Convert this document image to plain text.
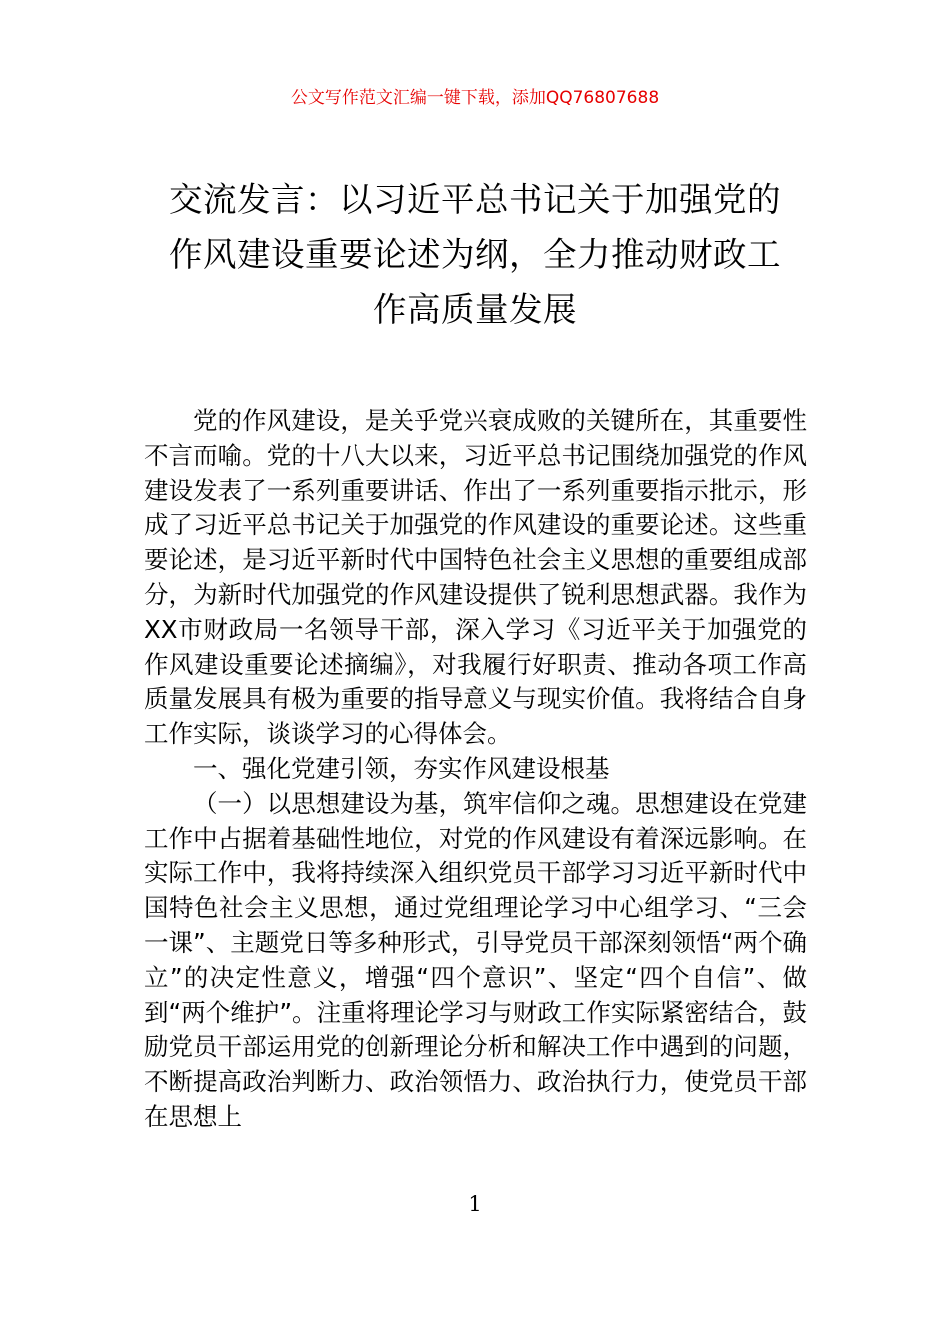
公文写作范文汇编一键下载，添加QQ76807688
交流发言：以习近平总书记关于加强党的
作风建设重要论述为纲，全力推动财政工
作高质量发展

党的作风建设，是关乎党兴衰成败的关键所在，其重要性不言而喻。党的十八大以来，习近平总书记围绕加强党的作风建设发表了一系列重要讲话、作出了一系列重要指示批示，形成了习近平总书记关于加强党的作风建设的重要论述。这些重要论述，是习近平新时代中国特色社会主义思想的重要组成部分，为新时代加强党的作风建设提供了锐利思想武器。我作为XX市财政局一名领导干部，深入学习《习近平关于加强党的作风建设重要论述摘编》，对我履行好职责、推动各项工作高质量发展具有极为重要的指导意义与现实价值。我将结合自身工作实际，谈谈学习的心得体会。

一、强化党建引领，夯实作风建设根基

（一）以思想建设为基，筑牢信仰之魂。思想建设在党建工作中占据着基础性地位，对党的作风建设有着深远影响。在实际工作中，我将持续深入组织党员干部学习习近平新时代中国特色社会主义思想，通过党组理论学习中心组学习、“三会一课”、主题党日等多种形式，引导党员干部深刻领悟“两个确立”的决定性意义，增强“四个意识”、坚定“四个自信”、做到“两个维护”。注重将理论学习与财政工作实际紧密结合，鼓励党员干部运用党的创新理论分析和解决工作中遇到的问题，不断提高政治判断力、政治领悟力、政治执行力，使党员干部在思想上

1
